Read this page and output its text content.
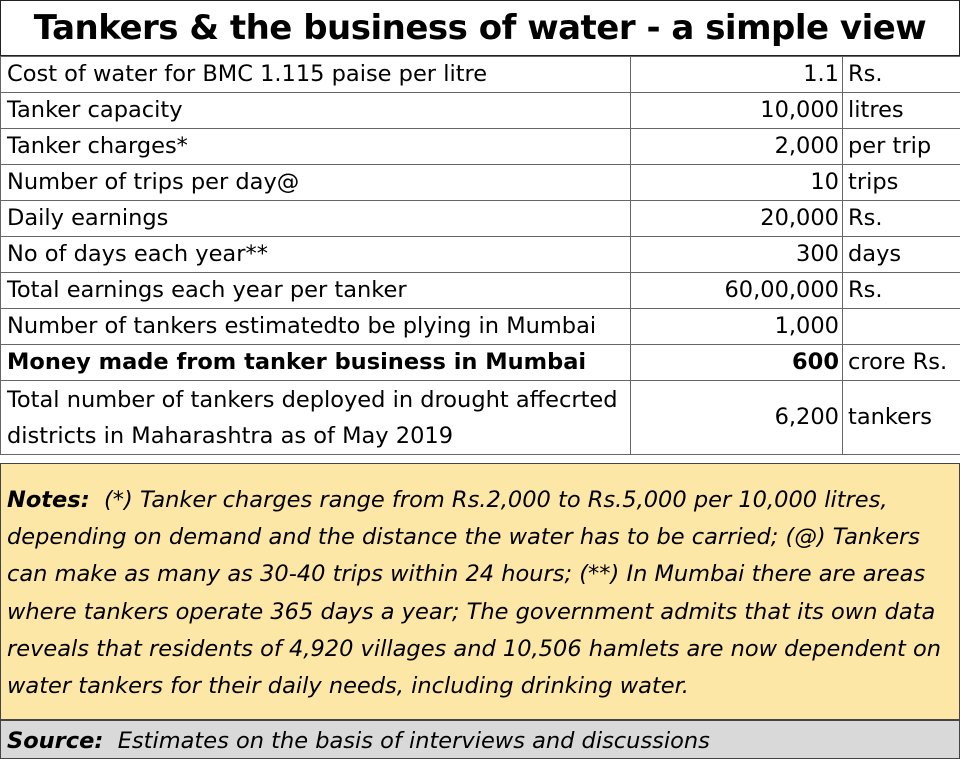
Tankers & the business of water - a simple view
Cost of water for BMC 1.115 paise per litre	1.1	Rs.
Tanker capacity	10,000	litres
Tanker charges*	2,000	per trip
Number of trips per day@	10	trips
Daily earnings	20,000	Rs.
No of days each year**	300	days
Total earnings each year per tanker	60,00,000	Rs.
Number of tankers estimatedto be plying in Mumbai	1,000	
Money made from tanker business in Mumbai	600	crore Rs.
Total number of tankers deployed in drought affecrted districts in Maharashtra as of May 2019	6,200	tankers
Notes: (*) Tanker charges range from Rs.2,000 to Rs.5,000 per 10,000 litres, depending on demand and the distance the water has to be carried; (@) Tankers can make as many as 30-40 trips within 24 hours; (**) In Mumbai there are areas where tankers operate 365 days a year; The government admits that its own data reveals that residents of 4,920 villages and 10,506 hamlets are now dependent on water tankers for their daily needs, including drinking water.
Source: Estimates on the basis of interviews and discussions
